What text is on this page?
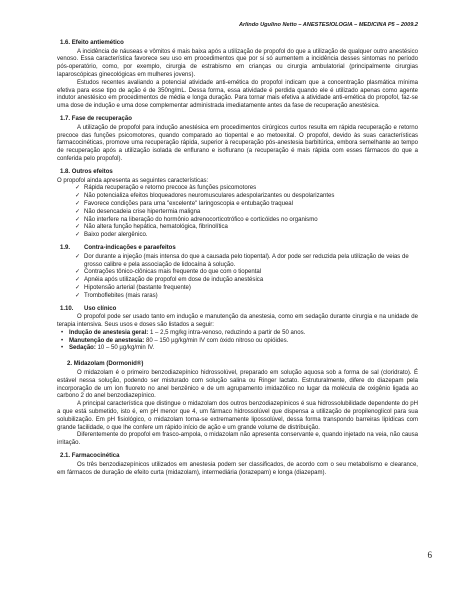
Arlindo Ugulino Netto – ANESTESIOLOGIA – MEDICINA P5 – 2009.2
1.6. Efeito antiemético

A incidência de náuseas e vômitos é mais baixa após a utilização de propofol do que a utilização de qualquer outro anestésico venoso. Essa característica favorece seu uso em procedimentos que por si só aumentem a incidência desses sintomas no período pós-operatório, como, por exemplo, cirurgia de estrabismo em crianças ou cirurgia ambulatorial (principalmente cirurgias laparoscópicas ginecológicas em mulheres jovens).

Estudos recentes avaliando a potencial atividade anti-emética do propofol indicam que a concentração plasmática mínima efetiva para esse tipo de ação é de 350ng/mL. Dessa forma, essa atividade é perdida quando ele é utilizado apenas como agente indutor anestésico em procedimentos de média e longa duração. Para tornar mais efetiva a atividade anti-emética do propofol, faz-se uma dose de indução e uma dose complementar administrada imediatamente antes da fase de recuperação anestésica.

1.7. Fase de recuperação

A utilização de propofol para indução anestésica em procedimentos cirúrgicos curtos resulta em rápida recuperação e retorno precoce das funções psicomotores, quando comparado ao tiopental e ao metoexital. O propofol, devido às suas características farmacocinéticas, promove uma recuperação rápida, superior à recuperação pós-anestesia barbitúrica, embora semelhante ao tempo de recuperação após a utilização isolada de enflurano e isoflurano (a recuperação é mais rápida com esses fármacos do que a conferida pelo propofol).

1.8. Outros efeitos

O propofol ainda apresenta as seguintes características:

✓ Rápida recuperação e retorno precoce às funções psicomotores
✓ Não potencializa efeitos bloqueadores neuromusculares adespolarizantes ou despolarizantes
✓ Favorece condições para uma "excelente" laringoscopia e entubação traqueal
✓ Não desencadeia crise hipertermia maligna
✓ Não interfere na liberação do hormônio adrenocorticotrófico e corticóides no organismo
✓ Não altera função hepática, hematológica, fibrinolítica
✓ Baixo poder alergênico.
1.9. Contra-indicações e paraefeitos
✓ Dor durante a injeção (mais intensa do que a causada pelo tiopental). A dor pode ser reduzida pela utilização de veias de grosso calibre e pela associação de lidocaína à solução.
✓ Contrações tônico-clônicas mais frequente do que com o tiopental
✓ Apnéia após utilização de propofol em dose de indução anestésica
✓ Hipotensão arterial (bastante frequente)
✓ Tromboflebites (mais raras)
1.10. Uso clínico

O propofol pode ser usado tanto em indução e manutenção da anestesia, como em sedação durante cirurgia e na unidade de terapia intensiva. Seus usos e doses são listados a seguir:

• Indução de anestesia geral: 1 – 2,5 mg/kg intra-venoso, reduzindo a partir de 50 anos.
• Manutenção de anestesia: 80 – 150 µg/kg/min IV com óxido nitroso ou opióides.
• Sedação: 10 – 50 µg/kg/min IV.
2. Midazolam (Dormonid®)

O midazolam é o primeiro benzodiazepínico hidrossolúvel, preparado em solução aquosa sob a forma de sal (cloridrato). É estável nessa solução, podendo ser misturado com solução salina ou Ringer lactato. Estruturalmente, difere do diazepam pela incorporação de um íon fluoreto no anel benzênico e de um agrupamento imidazólico no lugar da molécula de oxigênio ligada ao carbono 2 do anel benzodiazepínico.

A principal característica que distingue o midazolam dos outros benzodiazepínicos é sua hidrossolubilidade dependente do pH a que está submetido, isto é, em pH menor que 4, um fármaco hidrossolúvel que dispensa a utilização de propilenoglicol para sua solubilização. Em pH fisiológico, o midazolam torna-se extremamente lipossolúvel, dessa forma transpondo barreiras lipídicas com grande facilidade, o que lhe confere um rápido início de ação e um grande volume de distribuição.

Diferentemente do propofol em frasco-ampola, o midazolam não apresenta conservante e, quando injetado na veia, não causa irritação.

2.1. Farmacocinética

Os três benzodiazepínicos utilizados em anestesia podem ser classificados, de acordo com o seu metabolismo e clearance, em fármacos de duração de efeito curta (midazolam), intermediária (lorazepam) e longa (diazepam).

6
